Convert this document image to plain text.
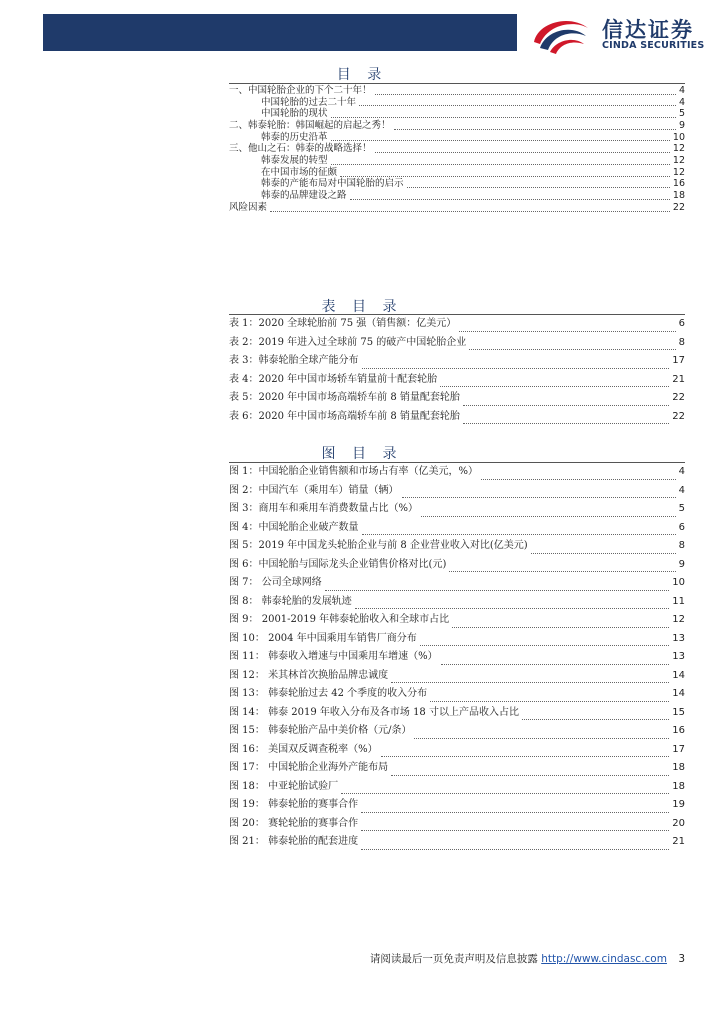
信达证券
CINDA SECURITIES
目 录
一、中国轮胎企业的下个二十年！	4
中国轮胎的过去二十年	4
中国轮胎的现状	5
二、韩泰轮胎：韩国崛起的启起之秀！	9
韩泰的历史沿革	10
三、他山之石：韩泰的战略选择！	12
韩泰发展的转型	12
在中国市场的征颇	12
韩泰的产能布局对中国轮胎的启示	16
韩泰的品牌建设之路	18
风险因素	22
表 目 录
表 1：2020 全球轮胎前 75 强（销售额：亿美元）	6
表 2：2019 年进入过全球前 75 的破产中国轮胎企业	8
表 3：韩泰轮胎全球产能分布	17
表 4：2020 年中国市场轿车销量前十配套轮胎	21
表 5：2020 年中国市场高端轿车前 8 销量配套轮胎	22
表 6：2020 年中国市场高端轿车前 8 销量配套轮胎	22
图 目 录
图 1：中国轮胎企业销售额和市场占有率（亿美元，%）	4
图 2：中国汽车（乘用车）销量（辆）	4
图 3：商用车和乘用车消费数量占比（%）	5
图 4：中国轮胎企业破产数量	6
图 5：2019 年中国龙头轮胎企业与前 8 企业营业收入对比(亿美元)	8
图 6：中国轮胎与国际龙头企业销售价格对比(元)	9
图 7： 公司全球网络	10
图 8： 韩泰轮胎的发展轨迹	11
图 9： 2001-2019 年韩泰轮胎收入和全球市占比	12
图 10： 2004 年中国乘用车销售厂商分布	13
图 11： 韩泰收入增速与中国乘用车增速（%）	13
图 12： 米其林首次换胎品牌忠诚度	14
图 13： 韩泰轮胎过去 42 个季度的收入分布	14
图 14： 韩泰 2019 年收入分布及各市场 18 寸以上产品收入占比	15
图 15： 韩泰轮胎产品中美价格（元/条）	16
图 16： 美国双反调查税率（%）	17
图 17： 中国轮胎企业海外产能布局	18
图 18： 中亚轮胎试验厂	18
图 19： 韩泰轮胎的赛事合作	19
图 20： 赛轮轮胎的赛事合作	20
图 21： 韩泰轮胎的配套进度	21
请阅读最后一页免责声明及信息披露 http://www.cindasc.com 3
